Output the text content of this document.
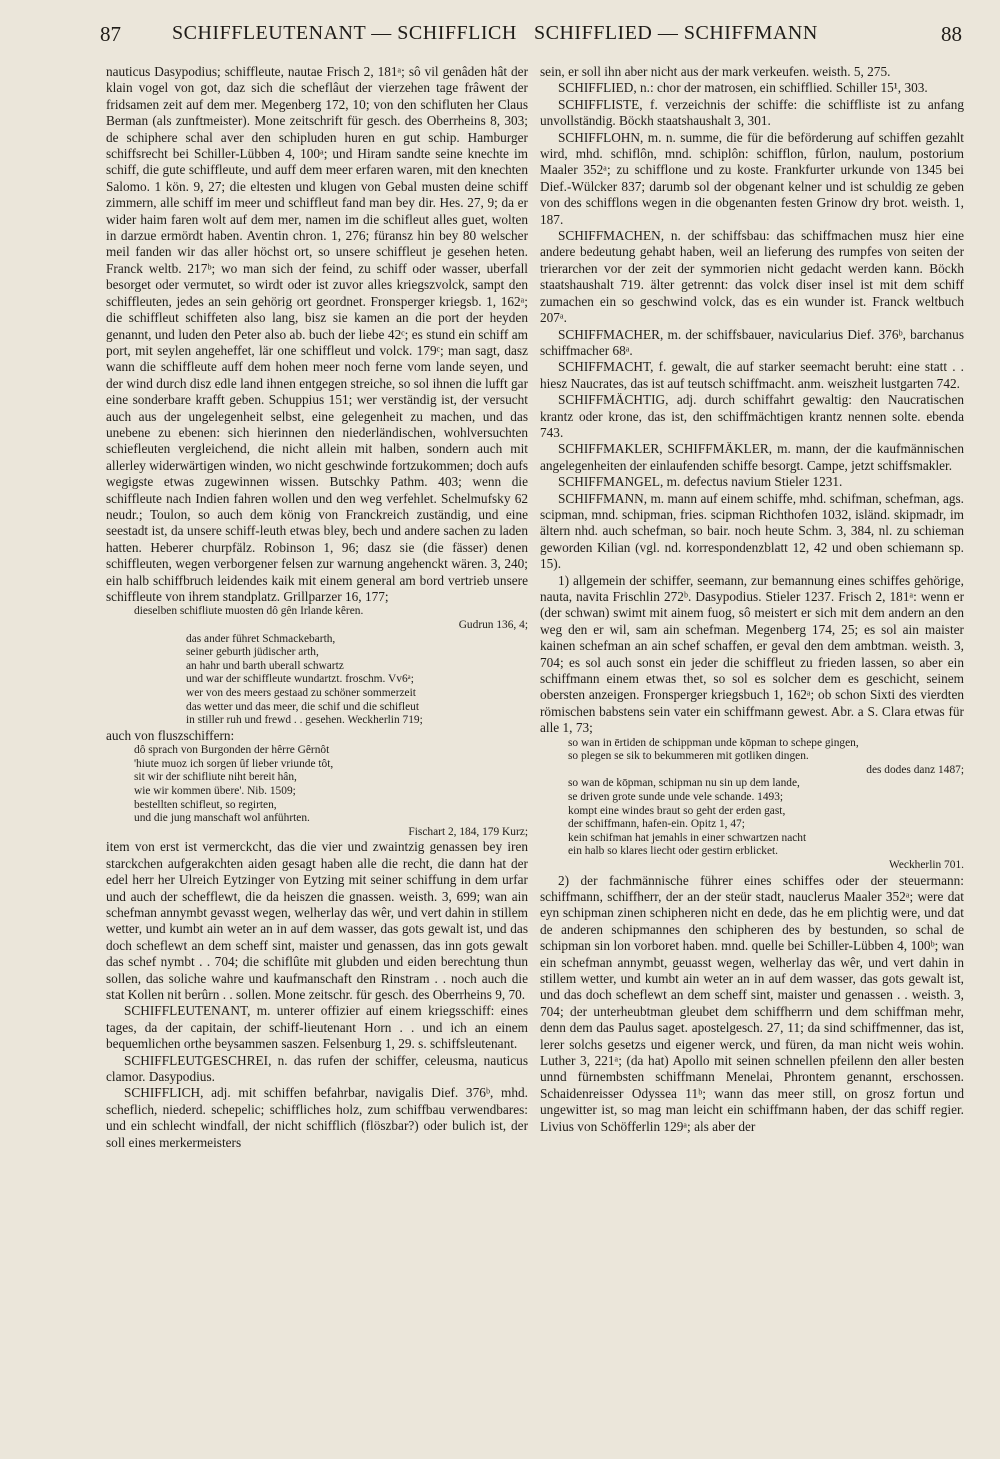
87	SCHIFFLEUTENANT — SCHIFFLICH SCHIFFLIED — SCHIFFMANN	88

nauticus Dasypodius; schiffleute, nautae Frisch 2, 181ᵃ; sô vil genâden hât der klain vogel von got, daz sich die scheflâut der vierzehen tage frâwent der fridsamen zeit auf dem mer. Megenberg 172, 10; von den schifluten her Claus Berman (als zunftmeister). Mone zeitschrift für gesch. des Oberrheins 8, 303; de schiphere schal aver den schipluden huren en gut schip. Hamburger schiffsrecht bei Schiller-Lübben 4, 100ᵃ; und Hiram sandte seine knechte im schiff, die gute schiffleute, und auff dem meer erfaren waren, mit den knechten Salomo. 1 kön. 9, 27; die eltesten und klugen von Gebal musten deine schiff zimmern, alle schiff im meer und schiffleut fand man bey dir. Hes. 27, 9; da er wider haim faren wolt auf dem mer, namen im die schifleut alles guet, wolten in darzue ermördt haben. Aventin chron. 1, 276; füransz hin bey 80 welscher meil fanden wir das aller höchst ort, so unsere schiffleut je gesehen heten. Franck weltb. 217ᵇ; wo man sich der feind, zu schiff oder wasser, uberfall besorget oder vermutet, so wirdt oder ist zuvor alles kriegszvolck, sampt den schiffleuten, jedes an sein gehörig ort geordnet. Fronsperger kriegsb. 1, 162ᵃ; die schiffleut schiffeten also lang, bisz sie kamen an die port der heyden genannt, und luden den Peter also ab. buch der liebe 42ᶜ; es stund ein schiff am port, mit seylen angeheffet, lär one schiffleut und volck. 179ᶜ; man sagt, dasz wann die schiffleute auff dem hohen meer noch ferne vom lande seyen, und der wind durch disz edle land ihnen entgegen streiche, so sol ihnen die lufft gar eine sonderbare krafft geben. Schuppius 151; wer verständig ist, der versucht auch aus der ungelegenheit selbst, eine gelegenheit zu machen, und das unebene zu ebenen: sich hierinnen den niederländischen, wohlversuchten schiefleuten vergleichend, die nicht allein mit halben, sondern auch mit allerley widerwärtigen winden, wo nicht geschwinde fortzukommen; doch aufs wegigste etwas zugewinnen wissen. Butschky Pathm. 403; wenn die schiffleute nach Indien fahren wollen und den weg verfehlet. Schelmufsky 62 neudr.; Toulon, so auch dem könig von Franckreich zuständig, und eine seestadt ist, da unsere schiff-leuth etwas bley, bech und andere sachen zu laden hatten. Heberer churpfälz. Robinson 1, 96; dasz sie (die fässer) denen schiffleuten, wegen verborgener felsen zur warnung angehenckt wären. 3, 240; ein halb schiffbruch leidendes kaik mit einem general am bord vertrieb unsere schiffleute von ihrem standplatz. Grillparzer 16, 177;

dieselben schifliute muosten dô gên Irlande kêren.

Gudrun 136, 4;

das ander führet Schmackebarth,

seiner geburth jüdischer arth,

an hahr und barth uberall schwartz

und war der schiffleute wundartzt. froschm. Vv6ᵃ;

wer von des meers gestaad zu schöner sommerzeit

das wetter und das meer, die schif und die schifleut

in stiller ruh und frewd . . gesehen. Weckherlin 719;

auch von fluszschiffern:

dô sprach von Burgonden der hêrre Gêrnôt

'hiute muoz ich sorgen ûf lieber vriunde tôt,

sit wir der schifliute niht bereit hân,

wie wir kommen übere'. Nib. 1509;

bestellten schifleut, so regirten,

und die jung manschaft wol anführten.

Fischart 2, 184, 179 Kurz;

item von erst ist vermerckcht, das die vier und zwaintzig genassen bey iren starckchen aufgerakchten aiden gesagt haben alle die recht, die dann hat der edel herr her Ulreich Eytzinger von Eytzing mit seiner schiffung in dem urfar und auch der schefflewt, die da heiszen die gnassen. weisth. 3, 699; wan ain schefman annymbt gevasst wegen, welherlay das wêr, und vert dahin in stillem wetter, und kumbt ain weter an in auf dem wasser, das gots gewalt ist, und das doch scheflewt an dem scheff sint, maister und genassen, das inn gots gewalt das schef nymbt . . 704; die schiflûte mit glubden und eiden berechtung thun sollen, das soliche wahre und kaufmanschaft den Rinstram . . noch auch die stat Kollen nit berûrn . . sollen. Mone zeitschr. für gesch. des Oberrheins 9, 70.

SCHIFFLEUTENANT, m. unterer offizier auf einem kriegsschiff: eines tages, da der capitain, der schiff-lieutenant Horn . . und ich an einem bequemlichen orthe beysammen saszen. Felsenburg 1, 29. s. schiffsleutenant.

SCHIFFLEUTGESCHREI, n. das rufen der schiffer, celeusma, nauticus clamor. Dasypodius.

SCHIFFLICH, adj. mit schiffen befahrbar, navigalis Dief. 376ᵇ, mhd. scheflich, niederd. schepelic; schiffliches holz, zum schiffbau verwendbares: und ein schlecht windfall, der nicht schifflich (flöszbar?) oder bulich ist, der soll eines merkermeisters

sein, er soll ihn aber nicht aus der mark verkeufen. weisth. 5, 275.

SCHIFFLIED, n.: chor der matrosen, ein schifflied. Schiller 15¹, 303.

SCHIFFLISTE, f. verzeichnis der schiffe: die schiffliste ist zu anfang unvollständig. Böckh staatshaushalt 3, 301.

SCHIFFLOHN, m. n. summe, die für die beförderung auf schiffen gezahlt wird, mhd. schiflôn, mnd. schiplôn: schifflon, fûrlon, naulum, postorium Maaler 352ᵃ; zu schifflone und zu koste. Frankfurter urkunde von 1345 bei Dief.-Wülcker 837; darumb sol der obgenant kelner und ist schuldig ze geben von des schifflons wegen in die obgenanten festen Grinow dry brot. weisth. 1, 187.

SCHIFFMACHEN, n. der schiffsbau: das schiffmachen musz hier eine andere bedeutung gehabt haben, weil an lieferung des rumpfes von seiten der trierarchen vor der zeit der symmorien nicht gedacht werden kann. Böckh staatshaushalt 719. älter getrennt: das volck diser insel ist mit dem schiff zumachen ein so geschwind volck, das es ein wunder ist. Franck weltbuch 207ᵃ.

SCHIFFMACHER, m. der schiffsbauer, navicularius Dief. 376ᵇ, barchanus schiffmacher 68ᵃ.

SCHIFFMACHT, f. gewalt, die auf starker seemacht beruht: eine statt . . hiesz Naucrates, das ist auf teutsch schiffmacht. anm. weiszheit lustgarten 742.

SCHIFFMÄCHTIG, adj. durch schiffahrt gewaltig: den Naucratischen krantz oder krone, das ist, den schiffmächtigen krantz nennen solte. ebenda 743.

SCHIFFMAKLER, SCHIFFMÄKLER, m. mann, der die kaufmännischen angelegenheiten der einlaufenden schiffe besorgt. Campe, jetzt schiffsmakler.

SCHIFFMANGEL, m. defectus navium Stieler 1231.

SCHIFFMANN, m. mann auf einem schiffe, mhd. schifman, schefman, ags. scipman, mnd. schipman, fries. scipman Richthofen 1032, isländ. skipmadr, im ältern nhd. auch schefman, so bair. noch heute Schm. 3, 384, nl. zu schieman geworden Kilian (vgl. nd. korrespondenzblatt 12, 42 und oben schiemann sp. 15).

1) allgemein der schiffer, seemann, zur bemannung eines schiffes gehörige, nauta, navita Frischlin 272ᵇ. Dasypodius. Stieler 1237. Frisch 2, 181ᵃ: wenn er (der schwan) swimt mit ainem fuog, sô meistert er sich mit dem andern an den weg den er wil, sam ain schefman. Megenberg 174, 25; es sol ain maister kainen schefman an ain schef schaffen, er geval den dem ambtman. weisth. 3, 704; es sol auch sonst ein jeder die schiffleut zu frieden lassen, so aber ein schiffmann einem etwas thet, so sol es solcher dem es geschicht, seinem obersten anzeigen. Fronsperger kriegsbuch 1, 162ᵃ; ob schon Sixti des vierdten römischen babstens sein vater ein schiffmann gewest. Abr. a S. Clara etwas für alle 1, 73;

so wan in ērtiden de schippman unde kōpman to schepe gingen,

so plegen se sik to bekummeren mit gotliken dingen.

des dodes danz 1487;

so wan de kōpman, schipman nu sin up dem lande,

se driven grote sunde unde vele schande. 1493;

kompt eine windes braut so geht der erden gast,

der schiffmann, hafen-ein. Opitz 1, 47;

kein schifman hat jemahls in einer schwartzen nacht

ein halb so klares liecht oder gestirn erblicket.

Weckherlin 701.

2) der fachmännische führer eines schiffes oder der steuermann: schiffmann, schiffherr, der an der steür stadt, nauclerus Maaler 352ᵃ; were dat eyn schipman zinen schipheren nicht en dede, das he em plichtig were, und dat de anderen schipmannes den schipheren des by bestunden, so schal de schipman sin lon vorboret haben. mnd. quelle bei Schiller-Lübben 4, 100ᵇ; wan ein schefman annymbt, geuasst wegen, welherlay das wêr, und vert dahin in stillem wetter, und kumbt ain weter an in auf dem wasser, das gots gewalt ist, und das doch scheflewt an dem scheff sint, maister und genassen . . weisth. 3, 704; der unterheubtman gleubet dem schiffherrn und dem schiffman mehr, denn dem das Paulus saget. apostelgesch. 27, 11; da sind schiffmenner, das ist, lerer solchs gesetzs und eigener werck, und füren, da man nicht weis wohin. Luther 3, 221ᵃ; (da hat) Apollo mit seinen schnellen pfeilenn den aller besten unnd fürnembsten schiffmann Menelai, Phrontem genannt, erschossen. Schaidenreisser Odyssea 11ᵇ; wann das meer still, on grosz fortun und ungewitter ist, so mag man leicht ein schiffmann haben, der das schiff regier. Livius von Schöfferlin 129ᵃ; als aber der
